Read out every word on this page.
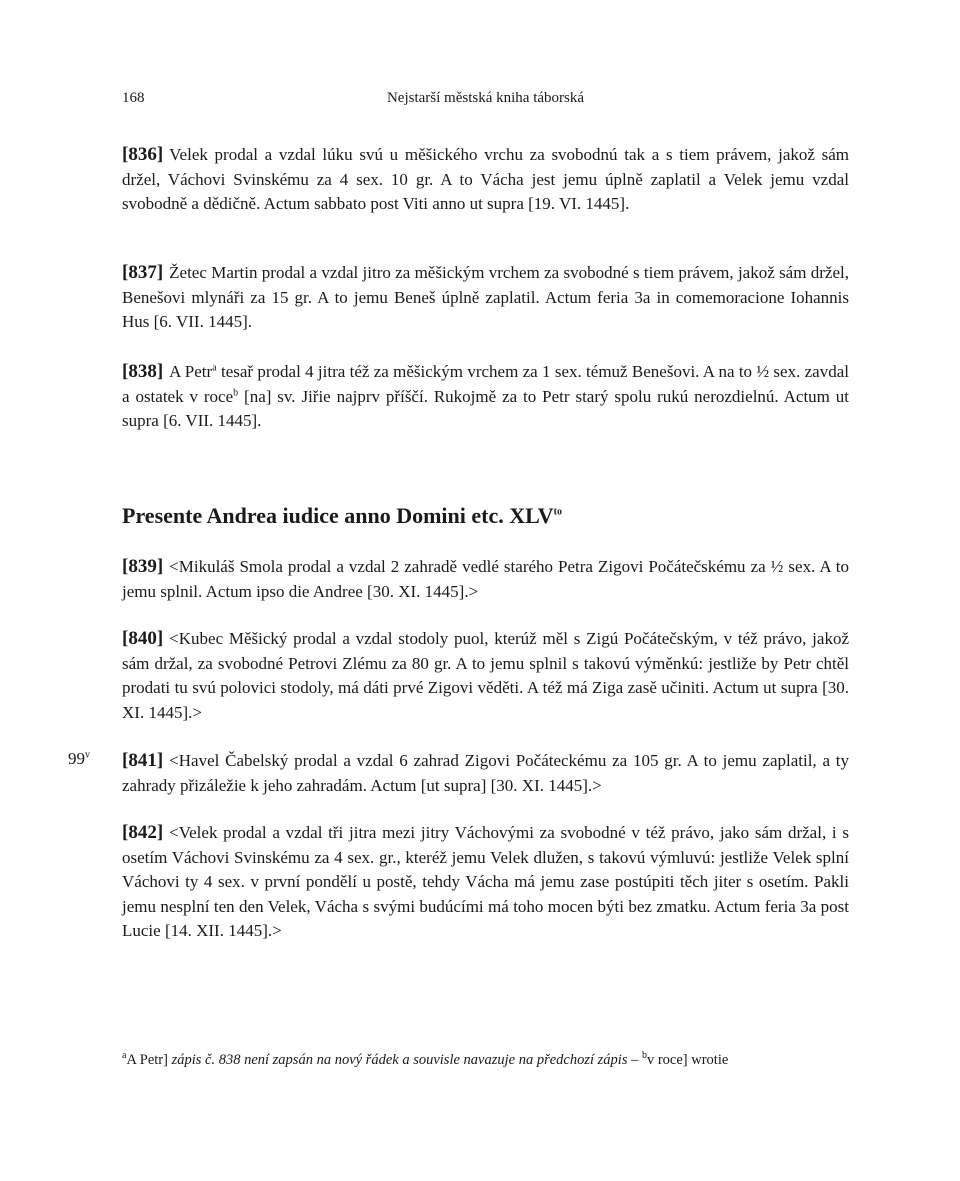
168	Nejstarší městská kniha táborská
[836] Velek prodal a vzdal lúku svú u měšického vrchu za svobodnú tak a s tiem právem, jakož sám držel, Váchovi Svinskému za 4 sex. 10 gr. A to Vácha jest jemu úplně zaplatil a Velek jemu vzdal svobodně a dědičně. Actum sabbato post Viti anno ut supra [19. VI. 1445].
[837] Žetec Martin prodal a vzdal jitro za měšickým vrchem za svobodné s tiem právem, jakož sám držel, Benešovi mlynáři za 15 gr. A to jemu Beneš úplně zaplatil. Actum feria 3a in comemoracione Iohannis Hus [6. VII. 1445].
[838] A Petr$^a$ tesař prodal 4 jitra též za měšickým vrchem za 1 sex. témuž Benešovi. A na to ½ sex. zavdal a ostatek v roce$^b$ [na] sv. Jiřie najprv příščí. Rukojmě za to Petr starý spolu rukú nerozdielnú. Actum ut supra [6. VII. 1445].
Presente Andrea iudice anno Domini etc. $XLV^{to}$
[839] <Mikuláš Smola prodal a vzdal 2 zahradě vedlé starého Petra Zigovi Počátečskému za ½ sex. A to jemu splnil. Actum ipso die Andree [30. XI. 1445].>
[840] <Kubec Měšický prodal a vzdal stodoly puol, kterúž měl s Zigú Počátečským, v též právo, jakož sám držal, za svobodné Petrovi Zlému za 80 gr. A to jemu splnil s takovú výměnkú: jestliže by Petr chtěl prodati tu svú polovici stodoly, má dáti prvé Zigovi věděti. A též má Ziga zasě učiniti. Actum ut supra [30. XI. 1445].>
$99^v$ [841] <Havel Čabelský prodal a vzdal 6 zahrad Zigovi Počáteckému za 105 gr. A to jemu zaplatil, a ty zahrady přizáležie k jeho zahradám. Actum [ut supra] [30. XI. 1445].>
[842] <Velek prodal a vzdal tři jitra mezi jitry Váchovými za svobodné v též právo, jako sám držal, i s osetím Váchovi Svinskému za 4 sex. gr., kteréž jemu Velek dlužen, s takovú výmluvú: jestliže Velek splní Váchovi ty 4 sex. v první pondělí u postě, tehdy Vácha má jemu zase postúpiti těch jiter s osetím. Pakli jemu nesplní ten den Velek, Vácha s svými budúcími má toho mocen býti bez zmatku. Actum feria 3a post Lucie [14. XII. 1445].>
$^a$A Petr] zápis č. 838 není zapsán na nový řádek a souvisle navazuje na předchozí zápis – $^b$v roce] wrotie
